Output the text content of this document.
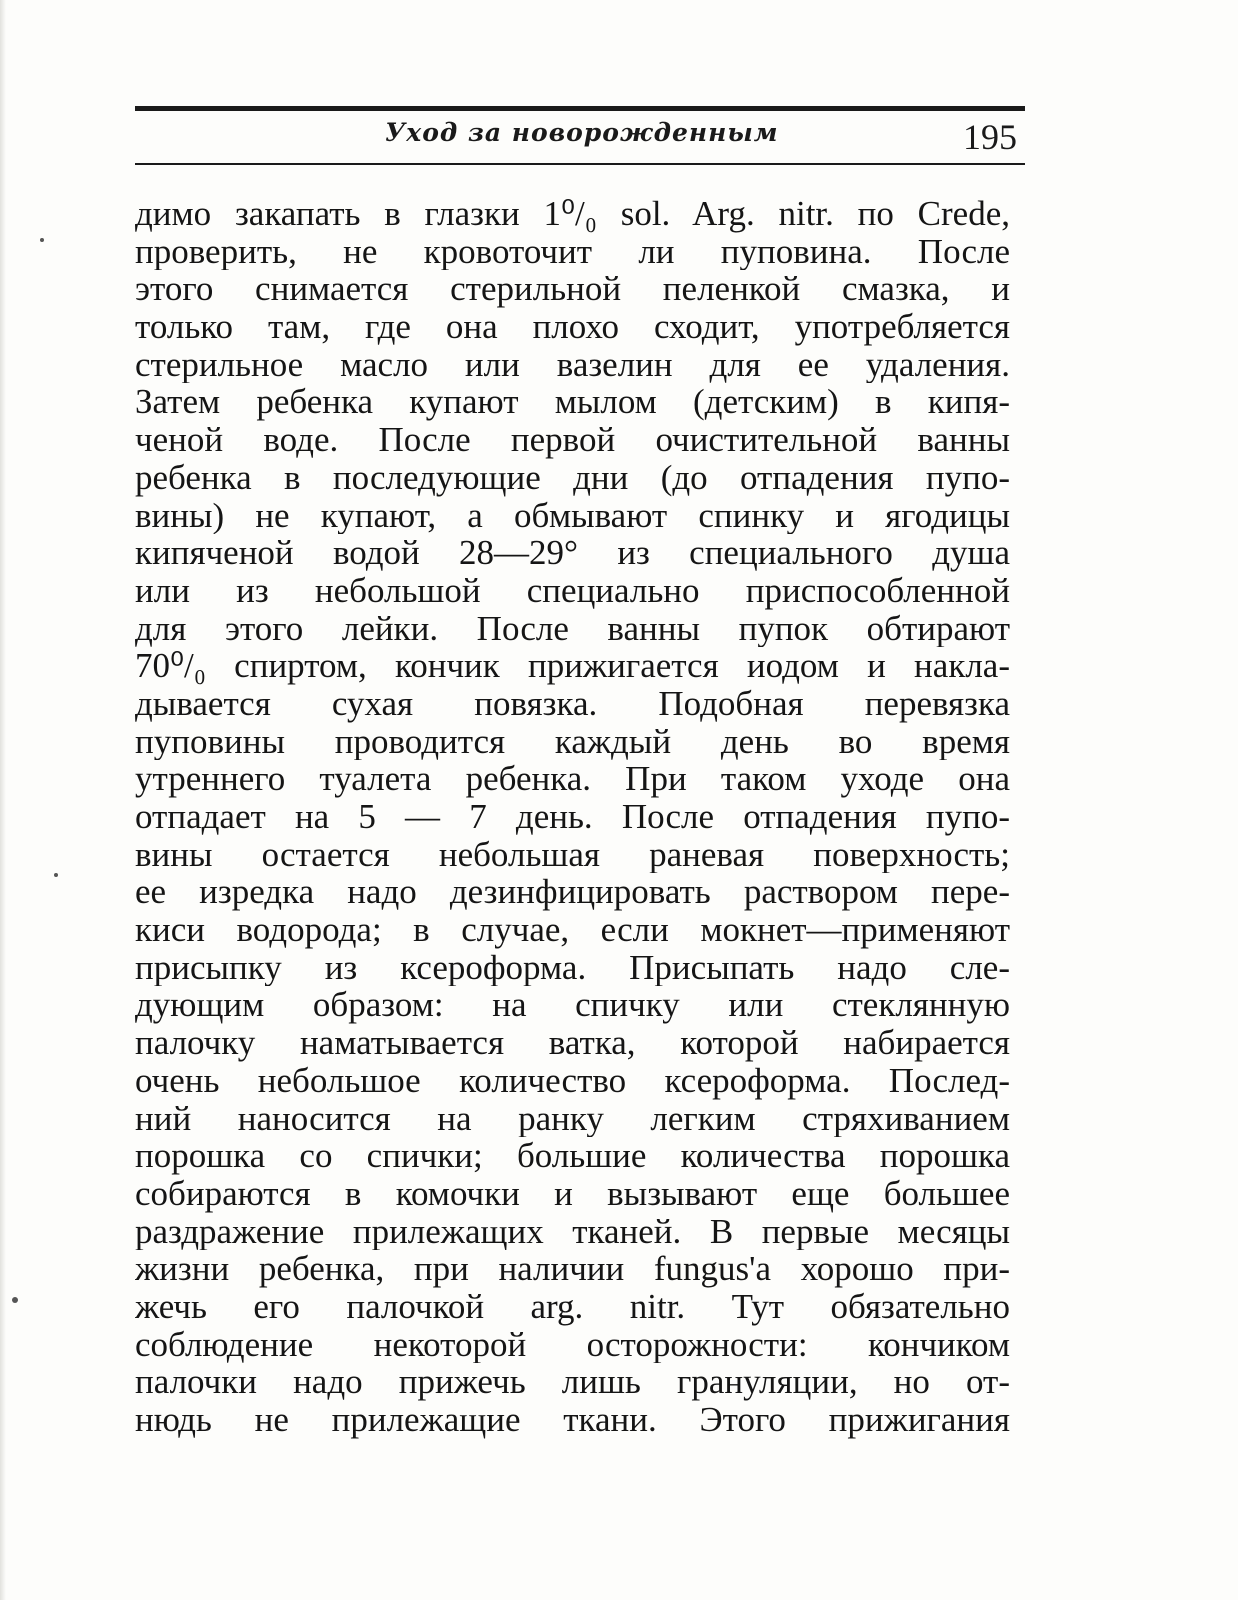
Уход за новорожденным	195
димо закапать в глазки 1⁰/₀ sol. Arg. nitr. по Crede,
проверить, не кровоточит ли пуповина. После
этого снимается стерильной пеленкой смазка, и
только там, где она плохо сходит, употребляется
стерильное масло или вазелин для ее удаления.
Затем ребенка купают мылом (детским) в кипя-
ченой воде. После первой очистительной ванны
ребенка в последующие дни (до отпадения пупо-
вины) не купают, а обмывают спинку и ягодицы
кипяченой водой 28—29° из специального душа
или из небольшой специально приспособленной
для этого лейки. После ванны пупок обтирают
70⁰/₀ спиртом, кончик прижигается иодом и накла-
дывается сухая повязка. Подобная перевязка
пуповины проводится каждый день во время
утреннего туалета ребенка. При таком уходе она
отпадает на 5 — 7 день. После отпадения пупо-
вины остается небольшая раневая поверхность;
ее изредка надо дезинфицировать раствором пере-
киси водорода; в случае, если мокнет—применяют
присыпку из ксероформа. Присыпать надо сле-
дующим образом: на спичку или стеклянную
палочку наматывается ватка, которой набирается
очень небольшое количество ксероформа. Послед-
ний наносится на ранку легким стряхиванием
порошка со спички; большие количества порошка
собираются в комочки и вызывают еще большее
раздражение прилежащих тканей. В первые месяцы
жизни ребенка, при наличии fungus'а хорошо при-
жечь его палочкой arg. nitr. Тут обязательно
соблюдение некоторой осторожности: кончиком
палочки надо прижечь лишь грануляции, но от-
нюдь не прилежащие ткани. Этого прижигания
